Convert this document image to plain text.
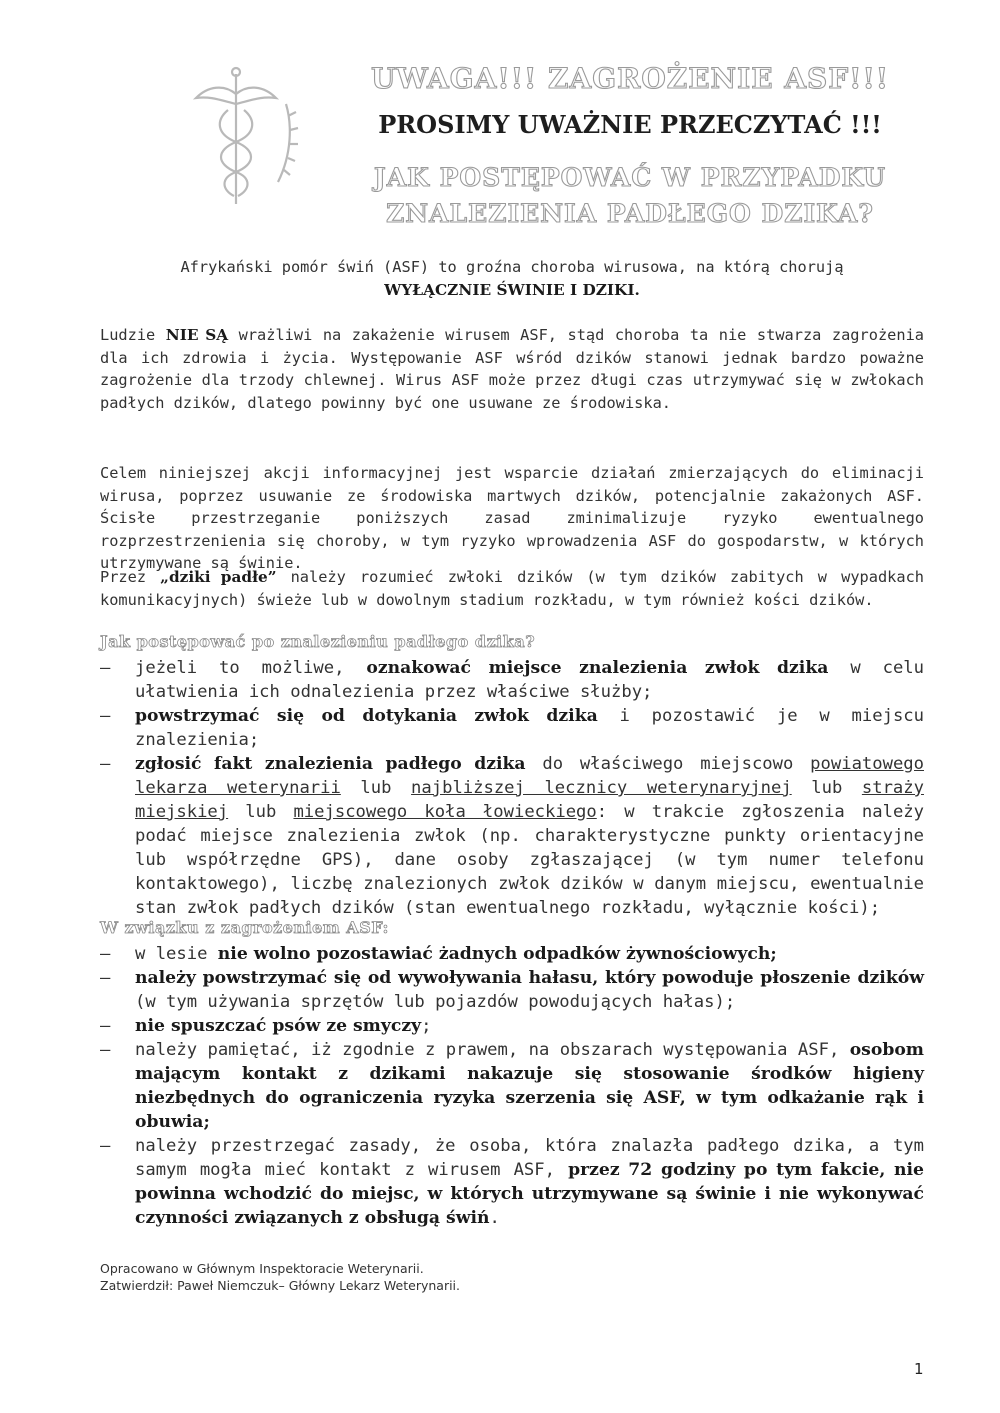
UWAGA!!! ZAGROŻENIE ASF!!!
PROSIMY UWAŻNIE PRZECZYTAĆ !!!
JAK POSTĘPOWAĆ W PRZYPADKU
ZNALEZIENIA PADŁEGO DZIKA?
Afrykański pomór świń (ASF) to groźna choroba wirusowa, na którą chorują
WYŁĄCZNIE ŚWINIE I DZIKI.
Ludzie NIE SĄ wrażliwi na zakażenie wirusem ASF, stąd choroba ta nie stwarza zagrożenia dla ich zdrowia i życia. Występowanie ASF wśród dzików stanowi jednak bardzo poważne zagrożenie dla trzody chlewnej. Wirus ASF może przez długi czas utrzymywać się w zwłokach padłych dzików, dlatego powinny być one usuwane ze środowiska.
Celem niniejszej akcji informacyjnej jest wsparcie działań zmierzających do eliminacji wirusa, poprzez usuwanie ze środowiska martwych dzików, potencjalnie zakażonych ASF. Ścisłe przestrzeganie poniższych zasad zminimalizuje ryzyko ewentualnego rozprzestrzenienia się choroby, w tym ryzyko wprowadzenia ASF do gospodarstw, w których utrzymywane są świnie.
Przez „dziki padłe” należy rozumieć zwłoki dzików (w tym dzików zabitych w wypadkach komunikacyjnych) świeże lub w dowolnym stadium rozkładu, w tym również kości dzików.
Jak postępować po znalezieniu padłego dzika?
– jeżeli to możliwe, oznakować miejsce znalezienia zwłok dzika w celu ułatwienia ich odnalezienia przez właściwe służby;
– powstrzymać się od dotykania zwłok dzika i pozostawić je w miejscu znalezienia;
– zgłosić fakt znalezienia padłego dzika do właściwego miejscowo powiatowego lekarza weterynarii lub najbliższej lecznicy weterynaryjnej lub straży miejskiej lub miejscowego koła łowieckiego: w trakcie zgłoszenia należy podać miejsce znalezienia zwłok (np. charakterystyczne punkty orientacyjne lub współrzędne GPS), dane osoby zgłaszającej (w tym numer telefonu kontaktowego), liczbę znalezionych zwłok dzików w danym miejscu, ewentualnie stan zwłok padłych dzików (stan ewentualnego rozkładu, wyłącznie kości);
W związku z zagrożeniem ASF:
– w lesie nie wolno pozostawiać żadnych odpadków żywnościowych;
– należy powstrzymać się od wywoływania hałasu, który powoduje płoszenie dzików (w tym używania sprzętów lub pojazdów powodujących hałas);
– nie spuszczać psów ze smyczy;
– należy pamiętać, iż zgodnie z prawem, na obszarach występowania ASF, osobom mającym kontakt z dzikami nakazuje się stosowanie środków higieny niezbędnych do ograniczenia ryzyka szerzenia się ASF, w tym odkażanie rąk i obuwia;
– należy przestrzegać zasady, że osoba, która znalazła padłego dzika, a tym samym mogła mieć kontakt z wirusem ASF, przez 72 godziny po tym fakcie, nie powinna wchodzić do miejsc, w których utrzymywane są świnie i nie wykonywać czynności związanych z obsługą świń.
Opracowano w Głównym Inspektoracie Weterynarii.
Zatwierdził: Paweł Niemczuk– Główny Lekarz Weterynarii.
1
